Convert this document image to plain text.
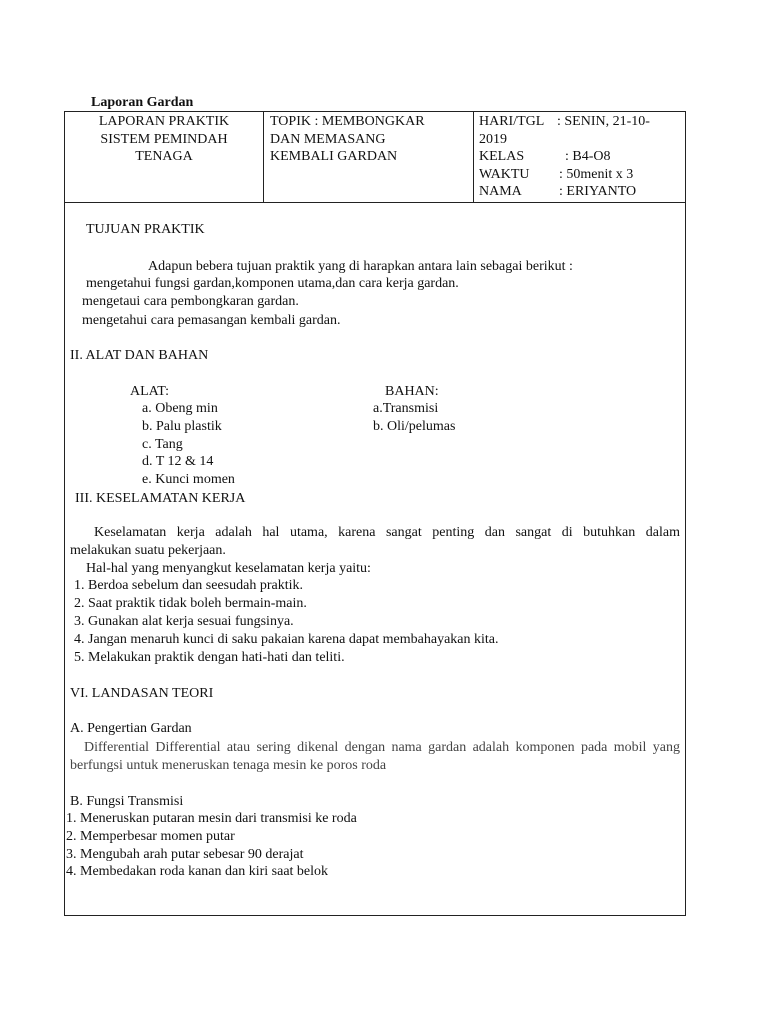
Laporan Gardan
LAPORAN PRAKTIK
SISTEM PEMINDAH
TENAGA
TOPIK : MEMBONGKAR
DAN MEMASANG
KEMBALI GARDAN
HARI/TGL : SENIN, 21-10-
2019
KELAS	: B4-O8
WAKTU : 50menit x 3
NAMA	: ERIYANTO
TUJUAN PRAKTIK
Adapun bebera tujuan praktik yang di harapkan antara lain sebagai berikut :
mengetahui fungsi gardan,komponen utama,dan cara kerja gardan.
mengetaui cara pembongkaran gardan.
mengetahui cara pemasangan kembali gardan.
II. ALAT DAN BAHAN
ALAT:
a. Obeng min
b. Palu plastik
c. Tang
d. T 12 & 14
e. Kunci momen
BAHAN:
a.Transmisi
b. Oli/pelumas
III. KESELAMATAN KERJA
Keselamatan kerja adalah hal utama, karena sangat penting dan sangat di butuhkan dalam
melakukan suatu pekerjaan.
Hal-hal yang menyangkut keselamatan kerja yaitu:
1. Berdoa sebelum dan seesudah praktik.
2. Saat praktik tidak boleh bermain-main.
3. Gunakan alat kerja sesuai fungsinya.
4. Jangan menaruh kunci di saku pakaian karena dapat membahayakan kita.
5. Melakukan praktik dengan hati-hati dan teliti.
VI. LANDASAN TEORI
A. Pengertian Gardan
Differential Differential atau sering dikenal dengan nama gardan adalah komponen pada mobil yang
berfungsi untuk meneruskan tenaga mesin ke poros roda
B. Fungsi Transmisi
1. Meneruskan putaran mesin dari transmisi ke roda
2. Memperbesar momen putar
3. Mengubah arah putar sebesar 90 derajat
4. Membedakan roda kanan dan kiri saat belok
